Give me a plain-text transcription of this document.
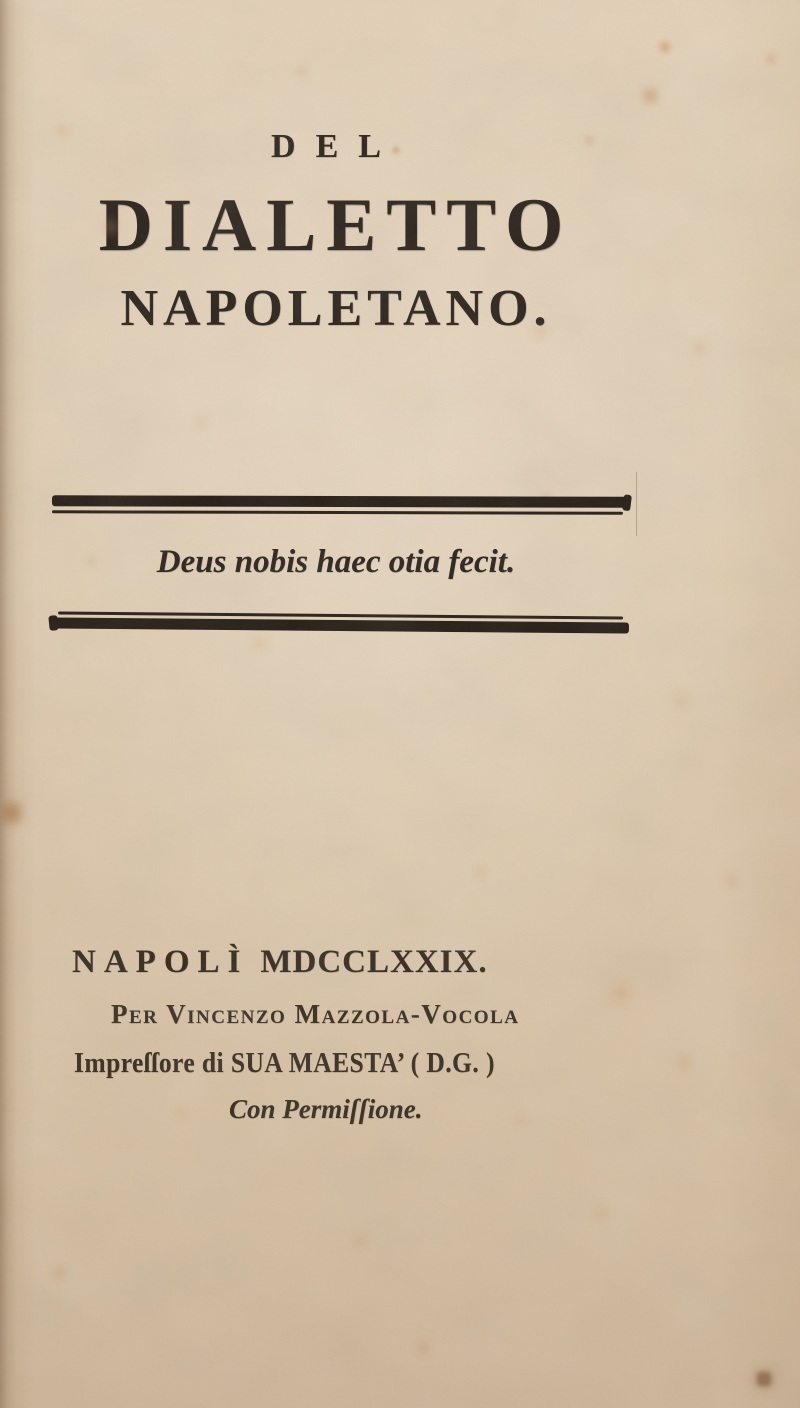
DEL
DIALETTO
NAPOLETANO.
Deus nobis haec otia fecit.
NAPOLÌ MDCCLXXIX.
Per Vincenzo Mazzola-Vocola
Impreſſore di SUA MAESTA’ ( D.G. )
Con Permiſſione.
